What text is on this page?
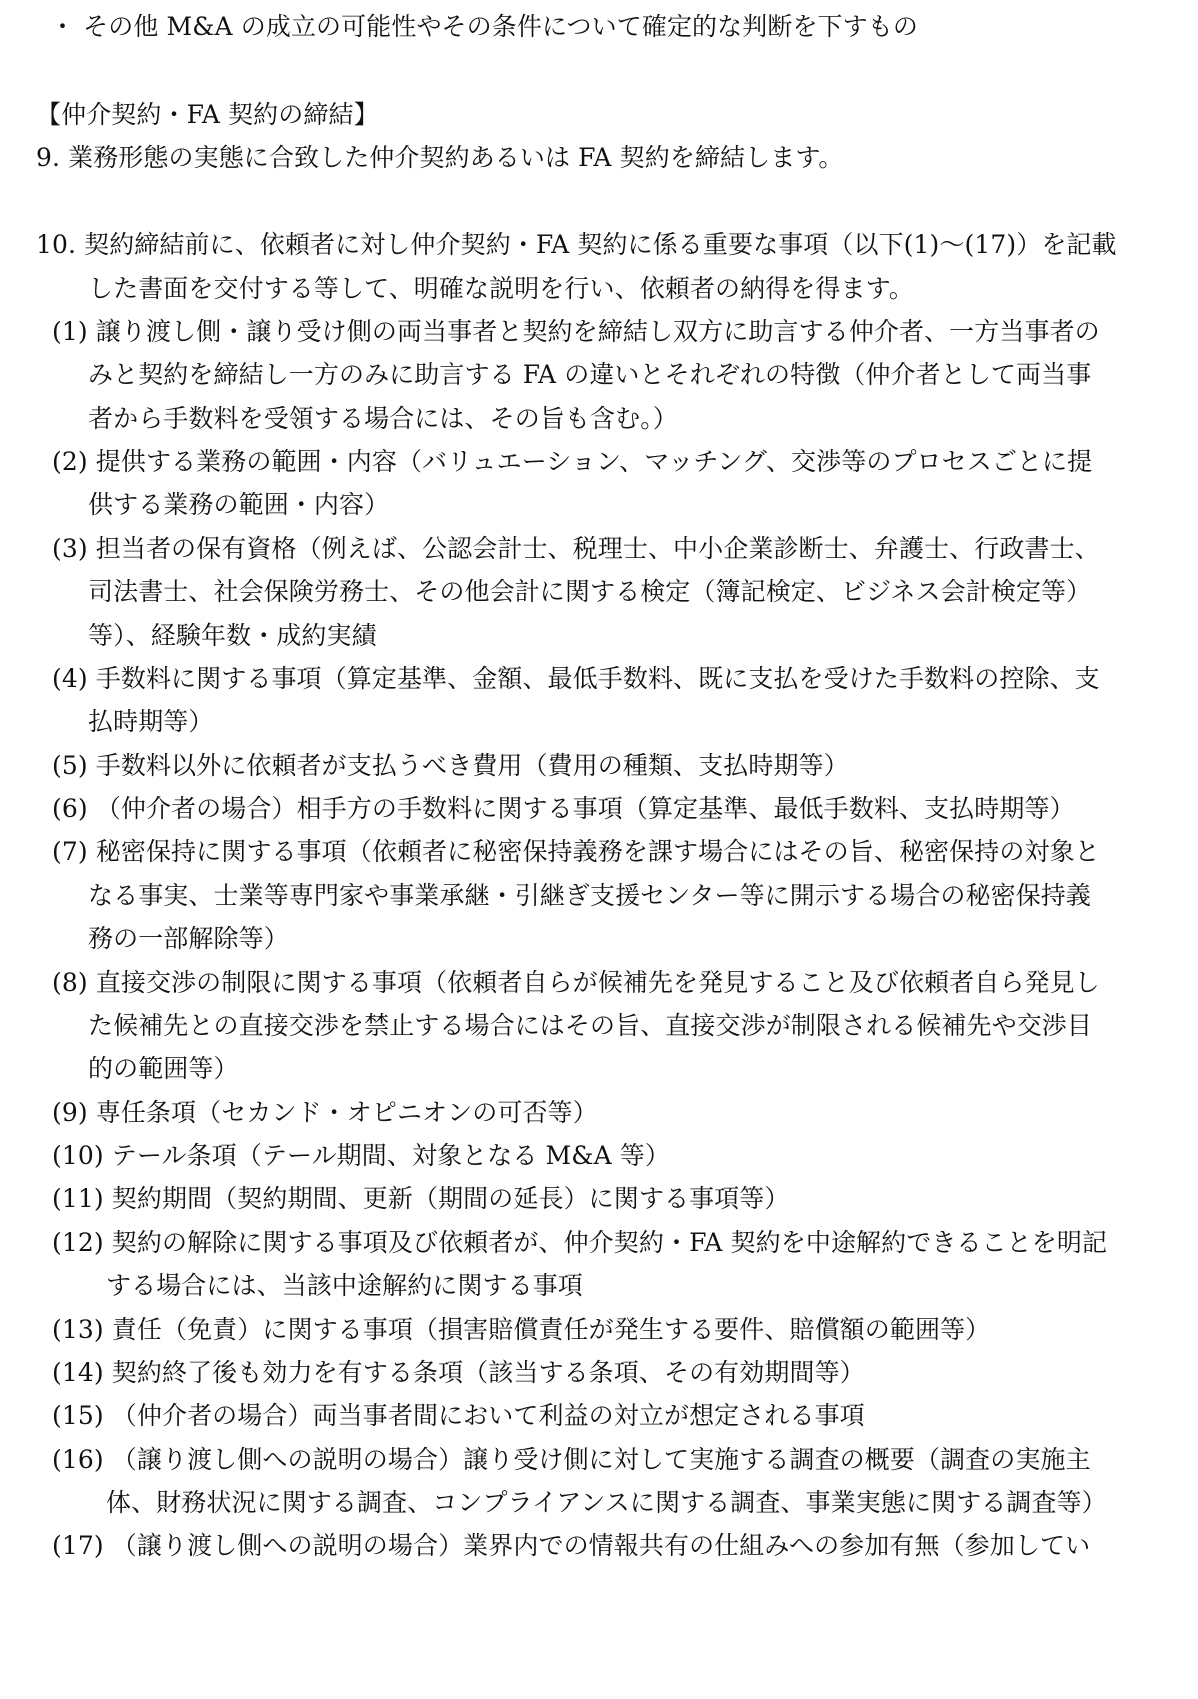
・ その他 M&A の成立の可能性やその条件について確定的な判断を下すもの
【仲介契約・FA 契約の締結】
9. 業務形態の実態に合致した仲介契約あるいは FA 契約を締結します。
10. 契約締結前に、依頼者に対し仲介契約・FA 契約に係る重要な事項（以下(1)～(17)）を記載
した書面を交付する等して、明確な説明を行い、依頼者の納得を得ます。
(1) 譲り渡し側・譲り受け側の両当事者と契約を締結し双方に助言する仲介者、一方当事者の
みと契約を締結し一方のみに助言する FA の違いとそれぞれの特徴（仲介者として両当事
者から手数料を受領する場合には、その旨も含む。）
(2) 提供する業務の範囲・内容（バリュエーション、マッチング、交渉等のプロセスごとに提
供する業務の範囲・内容）
(3) 担当者の保有資格（例えば、公認会計士、税理士、中小企業診断士、弁護士、行政書士、
司法書士、社会保険労務士、その他会計に関する検定（簿記検定、ビジネス会計検定等）
等）、経験年数・成約実績
(4) 手数料に関する事項（算定基準、金額、最低手数料、既に支払を受けた手数料の控除、支
払時期等）
(5) 手数料以外に依頼者が支払うべき費用（費用の種類、支払時期等）
(6) （仲介者の場合）相手方の手数料に関する事項（算定基準、最低手数料、支払時期等）
(7) 秘密保持に関する事項（依頼者に秘密保持義務を課す場合にはその旨、秘密保持の対象と
なる事実、士業等専門家や事業承継・引継ぎ支援センター等に開示する場合の秘密保持義
務の一部解除等）
(8) 直接交渉の制限に関する事項（依頼者自らが候補先を発見すること及び依頼者自ら発見し
た候補先との直接交渉を禁止する場合にはその旨、直接交渉が制限される候補先や交渉目
的の範囲等）
(9) 専任条項（セカンド・オピニオンの可否等）
(10) テール条項（テール期間、対象となる M&A 等）
(11) 契約期間（契約期間、更新（期間の延長）に関する事項等）
(12) 契約の解除に関する事項及び依頼者が、仲介契約・FA 契約を中途解約できることを明記
する場合には、当該中途解約に関する事項
(13) 責任（免責）に関する事項（損害賠償責任が発生する要件、賠償額の範囲等）
(14) 契約終了後も効力を有する条項（該当する条項、その有効期間等）
(15) （仲介者の場合）両当事者間において利益の対立が想定される事項
(16) （譲り渡し側への説明の場合）譲り受け側に対して実施する調査の概要（調査の実施主
体、財務状況に関する調査、コンプライアンスに関する調査、事業実態に関する調査等）
(17) （譲り渡し側への説明の場合）業界内での情報共有の仕組みへの参加有無（参加してい
